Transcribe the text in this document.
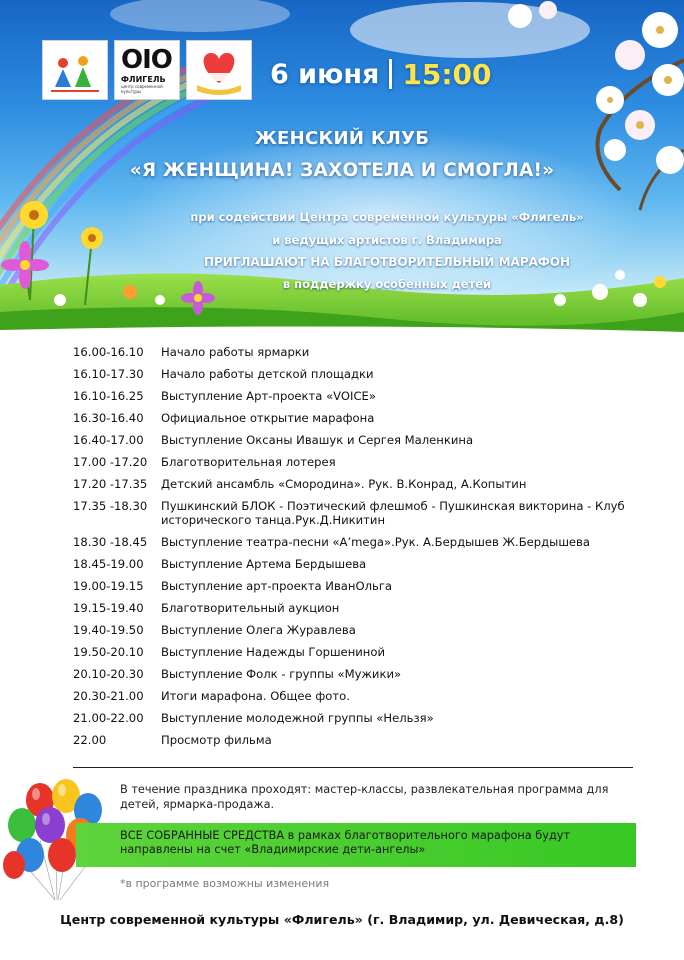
OIO
ФЛИГЕЛЬ
центр современной культуры
6 июня 15:00
ЖЕНСКИЙ КЛУБ
«Я ЖЕНЩИНА! ЗАХОТЕЛА И СМОГЛА!»
при содействии Центра современной культуры «Флигель»
и ведущих артистов г. Владимира
ПРИГЛАШАЮТ НА БЛАГОТВОРИТЕЛЬНЫЙ МАРАФОН
в поддержку особенных детей
16.00-16.10	Начало работы ярмарки
16.10-17.30	Начало работы детской площадки
16.10-16.25	Выступление Арт-проекта «VOICE»
16.30-16.40	Официальное открытие марафона
16.40-17.00	Выступление Оксаны Ивашук и Сергея Маленкина
17.00 -17.20	Благотворительная лотерея
17.20 -17.35	Детский ансамбль «Смородина». Рук. В.Конрад, А.Копытин
17.35 -18.30	Пушкинский БЛОК - Поэтический флешмоб - Пушкинская викторина - Клуб исторического танца.Рук.Д.Никитин
18.30 -18.45	Выступление театра-песни «A’mega».Рук. А.Бердышев Ж.Бердышева
18.45-19.00	Выступление Артема Бердышева
19.00-19.15	Выступление арт-проекта ИванОльга
19.15-19.40	Благотворительный аукцион
19.40-19.50	Выступление Олега Журавлева
19.50-20.10	Выступление Надежды Горшениной
20.10-20.30	Выступление Фолк - группы «Мужики»
20.30-21.00	Итоги марафона. Общее фото.
21.00-22.00	Выступление молодежной группы «Нельзя»
22.00	Просмотр фильма
В течение праздника проходят: мастер-классы, развлекательная программа для детей, ярмарка-продажа.
ВСЕ СОБРАННЫЕ СРЕДСТВА в рамках благотворительного марафона будут направлены на счет «Владимирские дети-ангелы»
*в программе возможны изменения
Центр современной культуры «Флигель» (г. Владимир, ул. Девическая, д.8)
